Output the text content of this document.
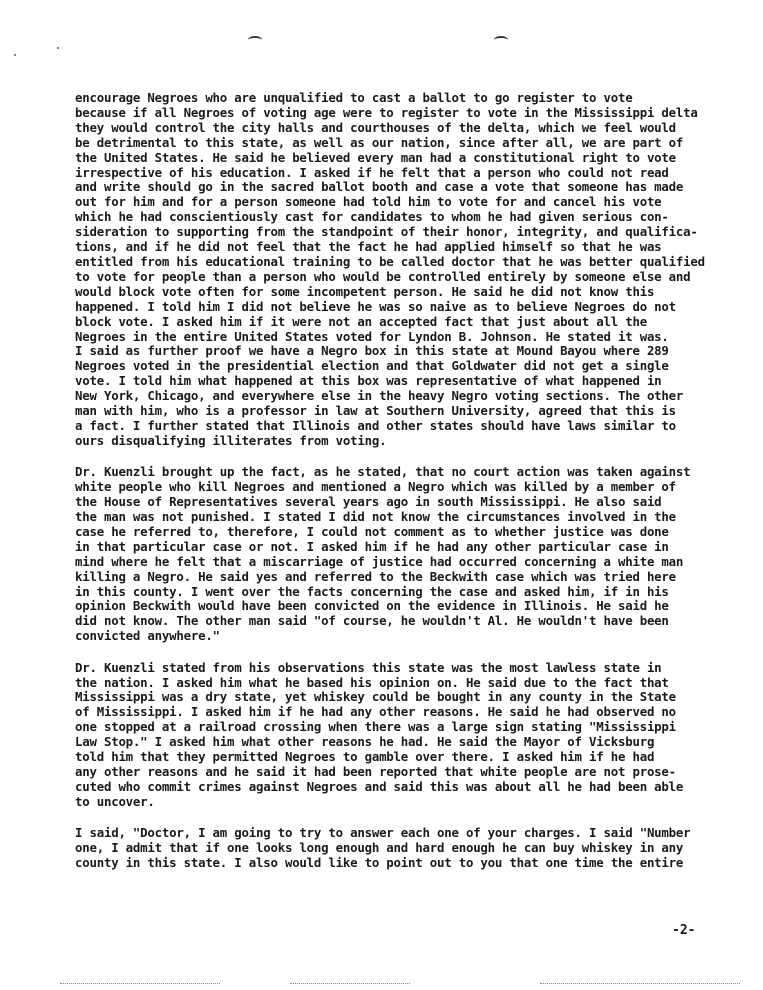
encourage Negroes who are unqualified to cast a ballot to go register to vote
because if all Negroes of voting age were to register to vote in the Mississippi delta
they would control the city halls and courthouses of the delta, which we feel would
be detrimental to this state, as well as our nation, since after all, we are part of
the United States. He said he believed every man had a constitutional right to vote
irrespective of his education. I asked if he felt that a person who could not read
and write should go in the sacred ballot booth and case a vote that someone has made
out for him and for a person someone had told him to vote for and cancel his vote
which he had conscientiously cast for candidates to whom he had given serious con-
sideration to supporting from the standpoint of their honor, integrity, and qualifica-
tions, and if he did not feel that the fact he had applied himself so that he was
entitled from his educational training to be called doctor that he was better qualified
to vote for people than a person who would be controlled entirely by someone else and
would block vote often for some incompetent person. He said he did not know this
happened. I told him I did not believe he was so naive as to believe Negroes do not
block vote. I asked him if it were not an accepted fact that just about all the
Negroes in the entire United States voted for Lyndon B. Johnson. He stated it was.
I said as further proof we have a Negro box in this state at Mound Bayou where 289
Negroes voted in the presidential election and that Goldwater did not get a single
vote. I told him what happened at this box was representative of what happened in
New York, Chicago, and everywhere else in the heavy Negro voting sections. The other
man with him, who is a professor in law at Southern University, agreed that this is
a fact. I further stated that Illinois and other states should have laws similar to
ours disqualifying illiterates from voting.
Dr. Kuenzli brought up the fact, as he stated, that no court action was taken against
white people who kill Negroes and mentioned a Negro which was killed by a member of
the House of Representatives several years ago in south Mississippi. He also said
the man was not punished. I stated I did not know the circumstances involved in the
case he referred to, therefore, I could not comment as to whether justice was done
in that particular case or not. I asked him if he had any other particular case in
mind where he felt that a miscarriage of justice had occurred concerning a white man
killing a Negro. He said yes and referred to the Beckwith case which was tried here
in this county. I went over the facts concerning the case and asked him, if in his
opinion Beckwith would have been convicted on the evidence in Illinois. He said he
did not know. The other man said "of course, he wouldn't Al. He wouldn't have been
convicted anywhere."
Dr. Kuenzli stated from his observations this state was the most lawless state in
the nation. I asked him what he based his opinion on. He said due to the fact that
Mississippi was a dry state, yet whiskey could be bought in any county in the State
of Mississippi. I asked him if he had any other reasons. He said he had observed no
one stopped at a railroad crossing when there was a large sign stating "Mississippi
Law Stop." I asked him what other reasons he had. He said the Mayor of Vicksburg
told him that they permitted Negroes to gamble over there. I asked him if he had
any other reasons and he said it had been reported that white people are not prose-
cuted who commit crimes against Negroes and said this was about all he had been able
to uncover.
I said, "Doctor, I am going to try to answer each one of your charges. I said "Number
one, I admit that if one looks long enough and hard enough he can buy whiskey in any
county in this state. I also would like to point out to you that one time the entire
-2-
